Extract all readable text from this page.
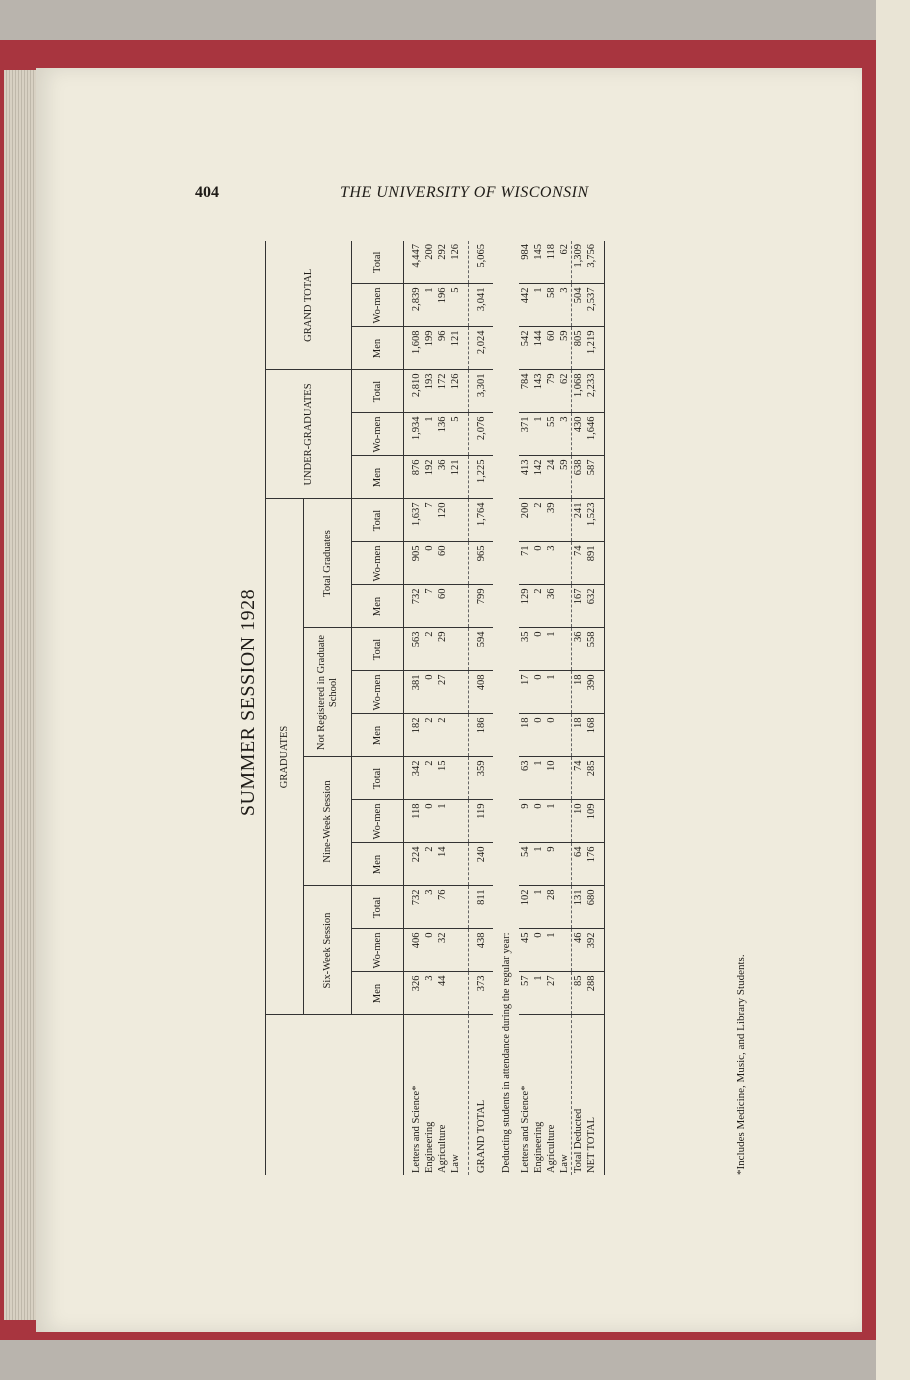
404	THE UNIVERSITY OF WISCONSIN
SUMMER SESSION 1928
	GRADUATES												UNDER-GRADUATES			GRAND TOTAL		
	Six-Week Session			Nine-Week Session			Not Registered in Graduate School			Total Graduates								
	Men	Wo-men	Total	Men	Wo-men	Total	Men	Wo-men	Total	Men	Wo-men	Total	Men	Wo-men	Total	Men	Wo-men	Total

Letters and Science*	326	406	732	224	118	342	182	381	563	732	905	1,637	876	1,934	2,810	1,608	2,839	4,447
Engineering	3	0	3	2	0	2	2	0	2	7	0	7	192	1	193	199	1	200
Agriculture	44	32	76	14	1	15	2	27	29	60	60	120	36	136	172	96	196	292
Law													121	5	126	121	5	126

GRAND TOTAL	373	438	811	240	119	359	186	408	594	799	965	1,764	1,225	2,076	3,301	2,024	3,041	5,065
Deducting students in attendance during the regular year:																		
Letters and Science*	57	45	102	54	9	63	18	17	35	129	71	200	413	371	784	542	442	984
Engineering	1	0	1	1	0	1	0	0	0	2	0	2	142	1	143	144	1	145
Agriculture	27	1	28	9	1	10	0	1	1	36	3	39	24	55	79	60	58	118
Law													59	3	62	59	3	62
Total Deducted	85	46	131	64	10	74	18	18	36	167	74	241	638	430	1,068	805	504	1,309
NET TOTAL	288	392	680	176	109	285	168	390	558	632	891	1,523	587	1,646	2,233	1,219	2,537	3,756

*Includes Medicine, Music, and Library Students.
